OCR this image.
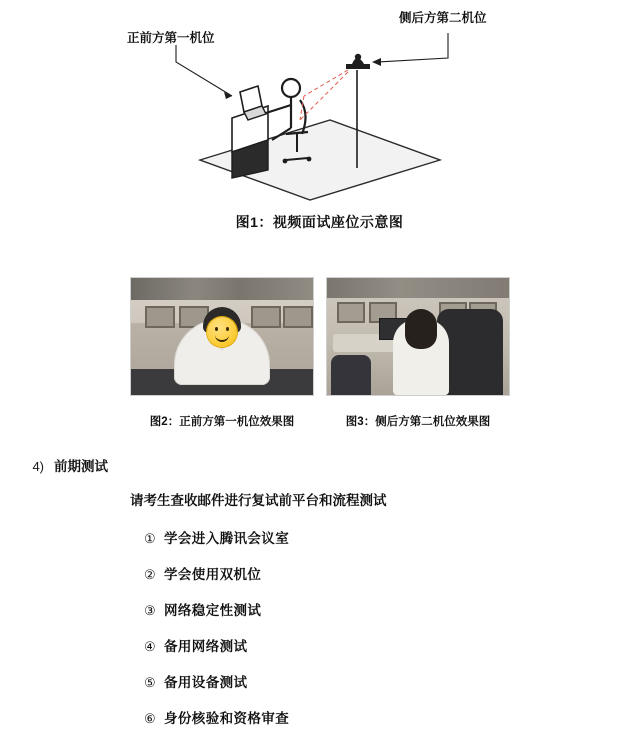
正前方第一机位
侧后方第二机位
图1：视频面试座位示意图
图2：正前方第一机位效果图	图3：侧后方第二机位效果图
4) 前期测试
请考生查收邮件进行复试前平台和流程测试
① 学会进入腾讯会议室
② 学会使用双机位
③ 网络稳定性测试
④ 备用网络测试
⑤ 备用设备测试
⑥ 身份核验和资格审查
